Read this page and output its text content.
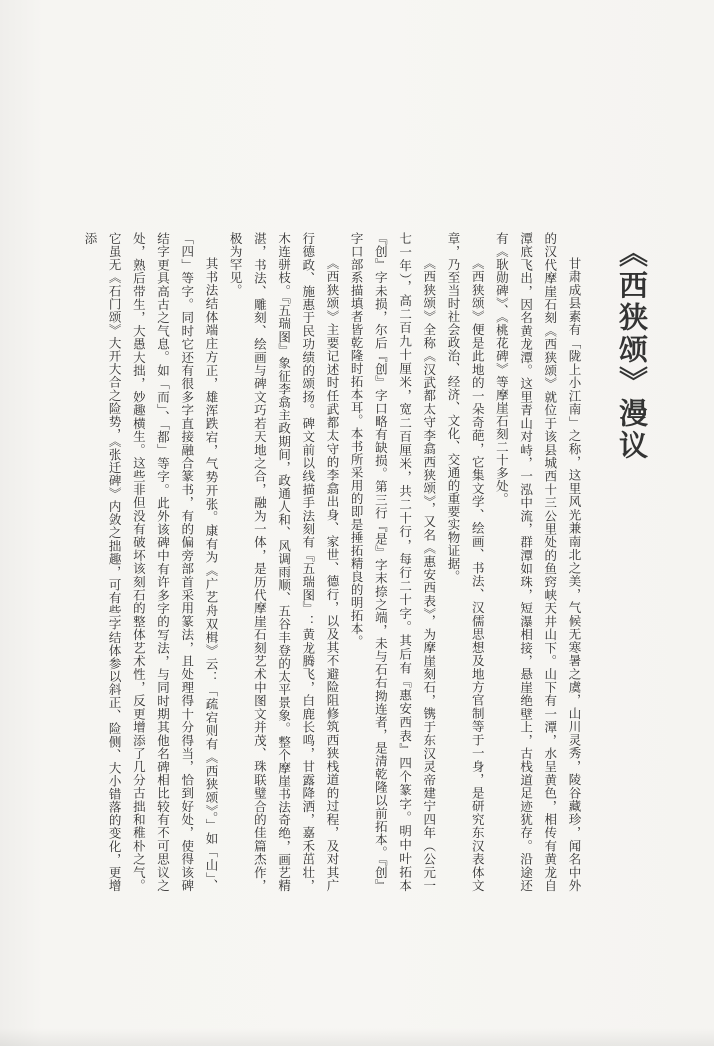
《西狭颂》漫议

甘肃成县素有「陇上小江南」之称，这里风光兼南北之美，气候无寒暑之虞，山川灵秀，陵谷藏珍，闻名中外的汉代摩崖石刻《西狭颂》就位于该县城西十三公里处的鱼窍峡天井山下。山下有一潭，水呈黄色，相传有黄龙自潭底飞出，因名黄龙潭。这里青山对峙，一泓中流，群潭如珠，短瀑相接，悬崖绝壁上，古栈道足迹犹存。沿途还有《耿勋碑》、《桃花碑》等摩崖石刻二十多处。

《西狭颂》便是此地的一朵奇葩，它集文学、绘画、书法、汉儒思想及地方官制等于一身，是研究东汉表体文章，乃至当时社会政治、经济、文化、交通的重要实物证据。

《西狭颂》全称《汉武都太守李翕西狭颂》，又名《惠安西表》，为摩崖刻石，镌于东汉灵帝建宁四年（公元一七一年），高二百九十厘米，宽二百厘米，共二十行，每行二十字。其后有『惠安西表』四个篆字。明中叶拓本『创』字未损，尔后『创』字口略有缺损。第三行『是』字末捺之端，未与石右拗连者，是清乾隆以前拓本。『创』字口部系描填者皆乾隆时拓本耳。本书所采用的即是捶拓精良的明拓本。

《西狭颂》主要记述时任武都太守的李翕出身、家世、德行，以及其不避险阻修筑西狭栈道的过程，及对其广行德政、施惠于民功绩的颂扬。碑文前以线描手法刻有『五瑞图』：黄龙腾飞，白鹿长鸣，甘露降洒，嘉禾茁壮，木连骈枝。『五瑞图』象征李翕主政期间，政通人和、风调雨顺、五谷丰登的太平景象。整个摩崖书法奇绝，画艺精湛，书法、雕刻、绘画与碑文巧若天地之合，融为一体，是历代摩崖石刻艺术中图文并茂、珠联璧合的佳篇杰作，极为罕见。

其书法结体端庄方正，雄浑跌宕，气势开张。康有为《广艺舟双楫》云：「疏宕则有《西狭颂》。」如「山」、「四」等字。同时它还有很多字直接融合篆书，有的偏旁部首采用篆法，且处理得十分得当，恰到好处，使得该碑结字更具高古之气息。如「而」、「都」等字。此外该碑中有许多字的写法，与同时期其他名碑相比较有不可思议之处，熟后带生，大愚大拙，妙趣横生。这些非但没有破坏该刻石的整体艺术性，反更增添了几分古拙和稚朴之气。它虽无《石门颂》大开大合之险势，《张迁碑》内敛之拙趣，可有些字结体参以斜正、险侧、大小错落的变化，更增添
